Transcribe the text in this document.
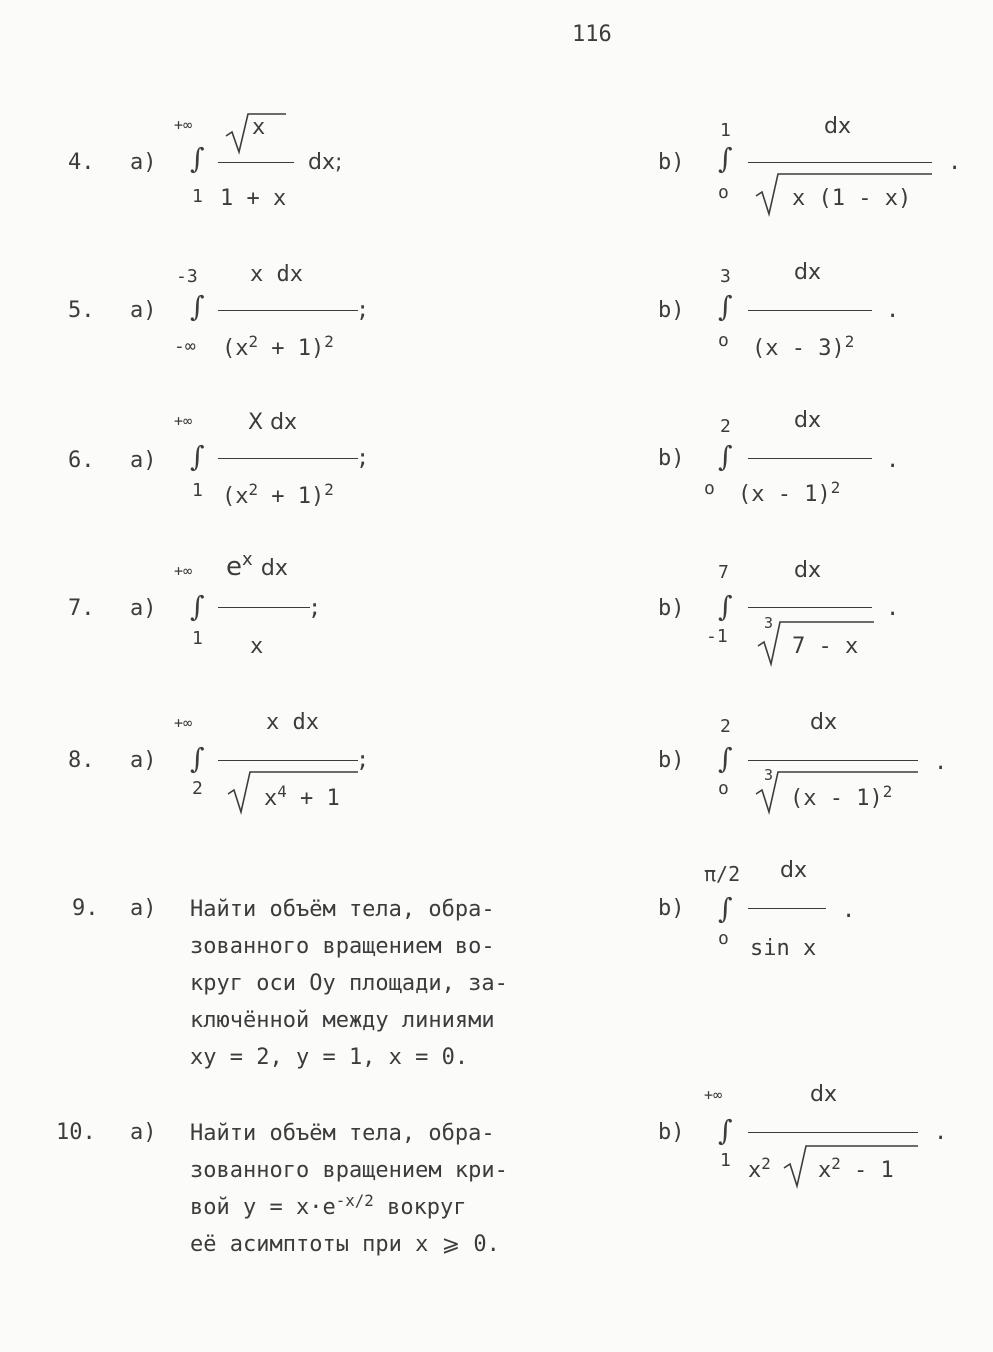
116
4. a)
+∞
∫
1
x
1 + x
dx;	b)
1
∫
o
dx
x (1 - x)
.
5. a)
-3
∫
-∞
x dx
$(x^2 + 1)^2$
;	b)
3
∫
o
dx
(x - 3)$^2$
.
6. a)
+∞
∫
1
X dx
$(x^2 + 1)^2$
;	b)
2
∫
o
dx
(x - 1)$^2$
.
7. a)
+∞
∫
1
$e^x$ dx
x
;	b)
7
∫
-1
dx
3
7 - x
.
8. a)
+∞
∫
2
x dx
$x^4 + 1$
;	b)
2
∫
o
dx
3
(x - 1)$^2$
.
9. a) Найти объём тела, обра-
зованного вращением во-
круг оси Оу площади, за-
ключённой между линиями
xy = 2, y = 1, x = 0.
b)
π/2
∫
o
dx
sin x
.
10. a) Найти объём тела, обра-
зованного вращением кри-
вой $y = x\cdot e^{-x/2}$ вокруг
её асимптоты при x ⩾ 0.
b)
+∞
∫
1
dx
$x^2$ $x^2 - 1$
.
